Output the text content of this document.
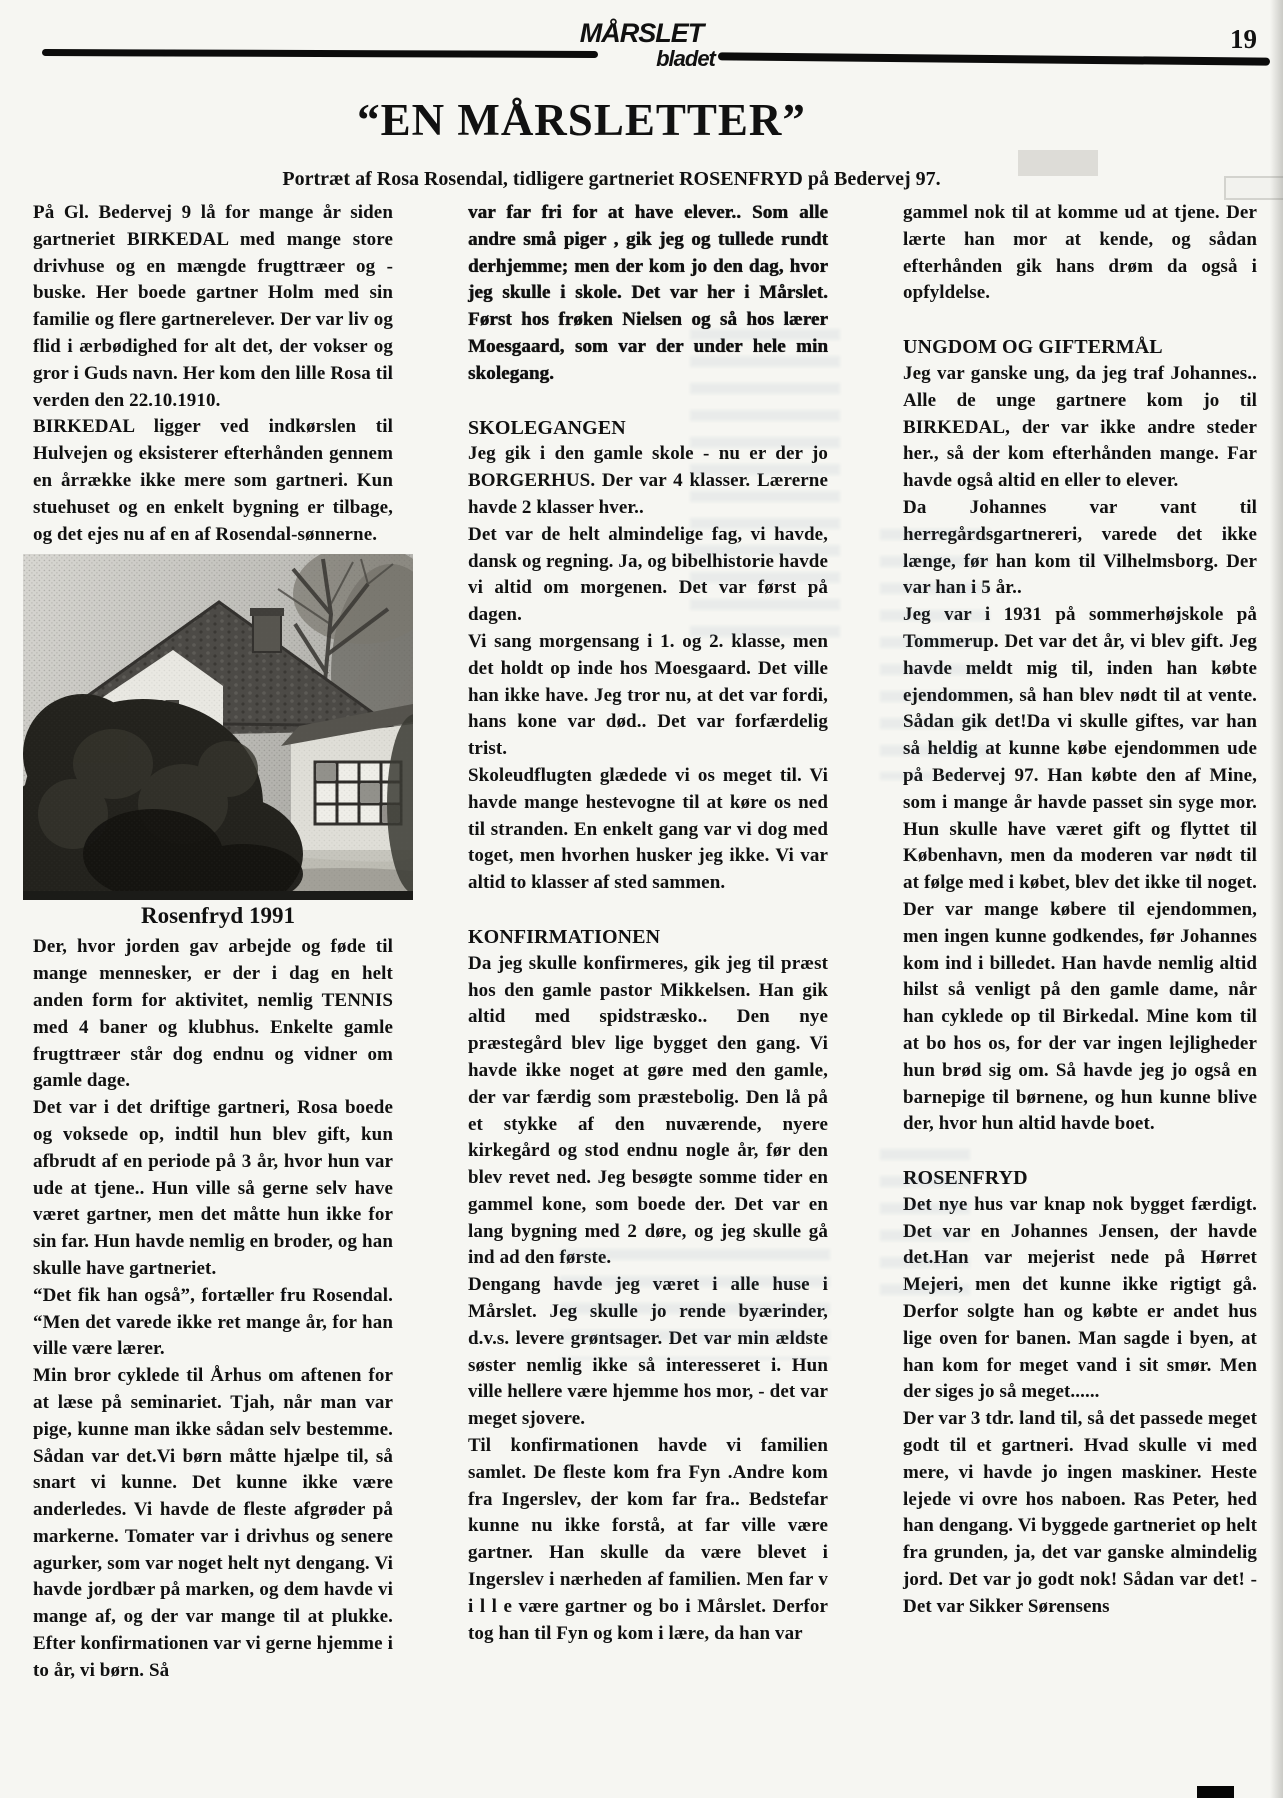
MÅRSLET
bladet
19
“EN MÅRSLETTER”
Portræt af Rosa Rosendal, tidligere gartneriet ROSENFRYD på Bedervej 97.

På Gl. Bedervej 9 lå for mange år siden gartneriet BIRKEDAL med mange store drivhuse og en mængde frugttræer og -buske. Her boede gartner Holm med sin familie og flere gartnerelever. Der var liv og flid i ærbødighed for alt det, der vokser og gror i Guds navn. Her kom den lille Rosa til verden den 22.10.1910.

BIRKEDAL ligger ved indkørslen til Hulvejen og eksisterer efterhånden gennem en årrække ikke mere som gartneri. Kun stuehuset og en enkelt bygning er tilbage, og det ejes nu af en af Rosendal-sønnerne.

Rosenfryd 1991

Der, hvor jorden gav arbejde og føde til mange mennesker, er der i dag en helt anden form for aktivitet, nemlig TENNIS med 4 baner og klubhus. Enkelte gamle frugttræer står dog endnu og vidner om gamle dage.

Det var i det driftige gartneri, Rosa boede og voksede op, indtil hun blev gift, kun afbrudt af en periode på 3 år, hvor hun var ude at tjene.. Hun ville så gerne selv have været gartner, men det måtte hun ikke for sin far. Hun havde nemlig en broder, og han skulle have gartneriet.

“Det fik han også”, fortæller fru Rosendal. “Men det varede ikke ret mange år, for han ville være lærer.

Min bror cyklede til Århus om aftenen for at læse på seminariet. Tjah, når man var pige, kunne man ikke sådan selv bestemme. Sådan var det.Vi børn måtte hjælpe til, så snart vi kunne. Det kunne ikke være anderledes. Vi havde de fleste afgrøder på markerne. Tomater var i drivhus og senere agurker, som var noget helt nyt dengang. Vi havde jordbær på marken, og dem havde vi mange af, og der var mange til at plukke. Efter konfirmationen var vi gerne hjemme i to år, vi børn. Så

var far fri for at have elever.. Som alle andre små piger , gik jeg og tullede rundt derhjemme; men der kom jo den dag, hvor jeg skulle i skole. Det var her i Mårslet. Først hos frøken Nielsen og så hos lærer Moesgaard, som var der under hele min skolegang.

SKOLEGANGEN

Jeg gik i den gamle skole - nu er der jo BORGERHUS. Der var 4 klasser. Lærerne havde 2 klasser hver..

Det var de helt almindelige fag, vi havde, dansk og regning. Ja, og bibelhistorie havde vi altid om morgenen. Det var først på dagen.

Vi sang morgensang i 1. og 2. klasse, men det holdt op inde hos Moesgaard. Det ville han ikke have. Jeg tror nu, at det var fordi, hans kone var død.. Det var forfærdelig trist.

Skoleudflugten glædede vi os meget til. Vi havde mange hestevogne til at køre os ned til stranden. En enkelt gang var vi dog med toget, men hvorhen husker jeg ikke. Vi var altid to klasser af sted sammen.

KONFIRMATIONEN

Da jeg skulle konfirmeres, gik jeg til præst hos den gamle pastor Mikkelsen. Han gik altid med spidstræsko.. Den nye præstegård blev lige bygget den gang. Vi havde ikke noget at gøre med den gamle, der var færdig som præstebolig. Den lå på et stykke af den nuværende, nyere kirkegård og stod endnu nogle år, før den blev revet ned. Jeg besøgte somme tider en gammel kone, som boede der. Det var en lang bygning med 2 døre, og jeg skulle gå ind ad den første.

Dengang havde jeg været i alle huse i Mårslet. Jeg skulle jo rende byærinder, d.v.s. levere grøntsager. Det var min ældste søster nemlig ikke så interesseret i. Hun ville hellere være hjemme hos mor, - det var meget sjovere.

Til konfirmationen havde vi familien samlet. De fleste kom fra Fyn .Andre kom fra Ingerslev, der kom far fra.. Bedstefar kunne nu ikke forstå, at far ville være gartner. Han skulle da være blevet i Ingerslev i nærheden af familien. Men far v i l l e være gartner og bo i Mårslet. Derfor tog han til Fyn og kom i lære, da han var

gammel nok til at komme ud at tjene. Der lærte han mor at kende, og sådan efterhånden gik hans drøm da også i opfyldelse.

UNGDOM OG GIFTERMÅL

Jeg var ganske ung, da jeg traf Johannes.. Alle de unge gartnere kom jo til BIRKEDAL, der var ikke andre steder her., så der kom efterhånden mange. Far havde også altid en eller to elever.

Da Johannes var vant til herregårdsgartnereri, varede det ikke længe, før han kom til Vilhelmsborg. Der var han i 5 år..

Jeg var i 1931 på sommerhøjskole på Tommerup. Det var det år, vi blev gift. Jeg havde meldt mig til, inden han købte ejendommen, så han blev nødt til at vente. Sådan gik det!Da vi skulle giftes, var han så heldig at kunne købe ejendommen ude på Bedervej 97. Han købte den af Mine, som i mange år havde passet sin syge mor. Hun skulle have været gift og flyttet til København, men da moderen var nødt til at følge med i købet, blev det ikke til noget. Der var mange købere til ejendommen, men ingen kunne godkendes, før Johannes kom ind i billedet. Han havde nemlig altid hilst så venligt på den gamle dame, når han cyklede op til Birkedal. Mine kom til at bo hos os, for der var ingen lejligheder hun brød sig om. Så havde jeg jo også en barnepige til børnene, og hun kunne blive der, hvor hun altid havde boet.

ROSENFRYD

Det nye hus var knap nok bygget færdigt. Det var en Johannes Jensen, der havde det.Han var mejerist nede på Hørret Mejeri, men det kunne ikke rigtigt gå. Derfor solgte han og købte er andet hus lige oven for banen. Man sagde i byen, at han kom for meget vand i sit smør. Men der siges jo så meget......

Der var 3 tdr. land til, så det passede meget godt til et gartneri. Hvad skulle vi med mere, vi havde jo ingen maskiner. Heste lejede vi ovre hos naboen. Ras Peter, hed han dengang. Vi byggede gartneriet op helt fra grunden, ja, det var ganske almindelig jord. Det var jo godt nok! Sådan var det! - Det var Sikker Sørensens
